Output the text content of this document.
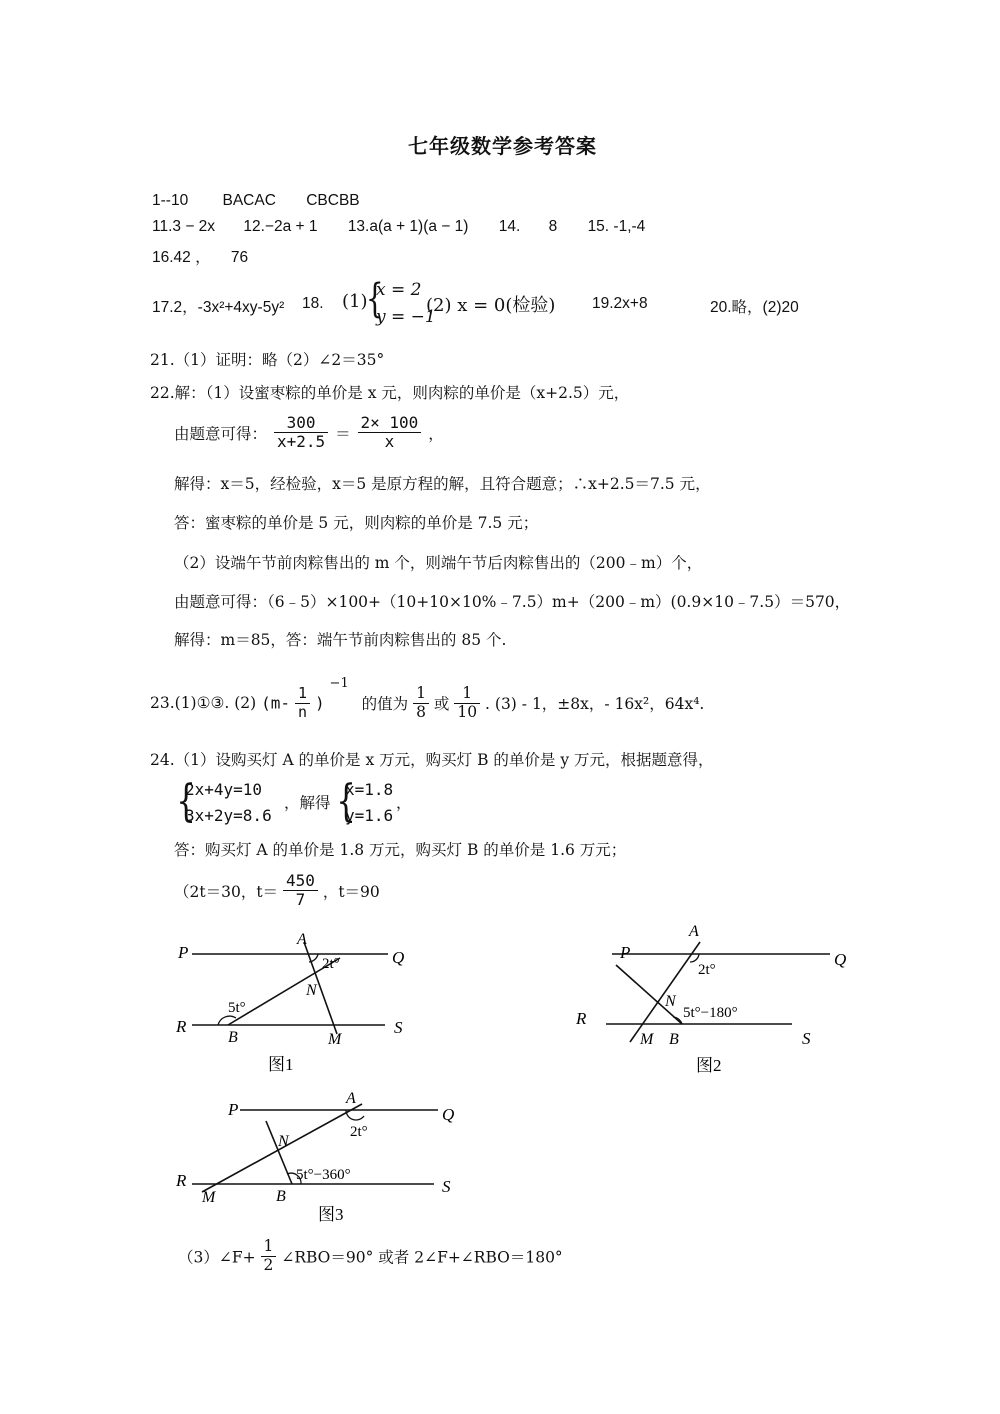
七年级数学参考答案
1--10 BACAC CBCBB
11.3 − 2x 12.−2a + 1 13.a(a + 1)(a − 1) 14. 8 15. -1,-4
16.42 ， 76
17.2，-3x²+4xy-5y² 18. (1)
{
x = 2
y = −1
(2) x = 0(检验) 19.2x+8	20.略，(2)20
21.（1）证明：略（2）∠2＝35°
22.解：（1）设蜜枣粽的单价是 x 元，则肉粽的单价是（x+2.5）元，
由题意可得： $\frac{300}{x+2.5} = \frac{2\times 100}{x}$ ，
解得：x＝5，经检验，x＝5 是原方程的解，且符合题意；∴x+2.5＝7.5 元，
答：蜜枣粽的单价是 5 元，则肉粽的单价是 7.5 元；
（2）设端午节前肉粽售出的 m 个，则端午节后肉粽售出的（200﹣m）个，
由题意可得：（6﹣5）×100+（10+10×10%﹣7.5）m+（200﹣m）(0.9×10﹣7.5）＝570，
解得：m＝85，答：端午节前肉粽售出的 85 个.
23.(1)①③. (2) ($m- \frac{1}{n}$ ) $^{-1}$ 的值为 $\frac{1}{8}$ 或 $\frac{1}{10}$ . (3) - 1，±8x，- 16x²，64x⁴.
24.（1）设购买灯 A 的单价是 x 万元，购买灯 B 的单价是 y 万元，根据题意得，
{
2x+4y=10
3x+2y=8.6
，解得 {
x=1.8
y=1.6
，
答：购买灯 A 的单价是 1.8 万元，购买灯 B 的单价是 1.6 万元；
（2t＝30，$t= \frac{450}{7}$ ，t＝90
P	Q
R	S
A
B	M
N
2t°
5t°
图1
P	Q
R
S
A
B
M
N
2t°
5t°−180°
图2
P	Q
R	S
A
B
M
N
2t°
5t°−360°
图3
（3）∠F+ $\frac{1}{2}$ ∠RBO＝90° 或者 2∠F+∠RBO＝180°
